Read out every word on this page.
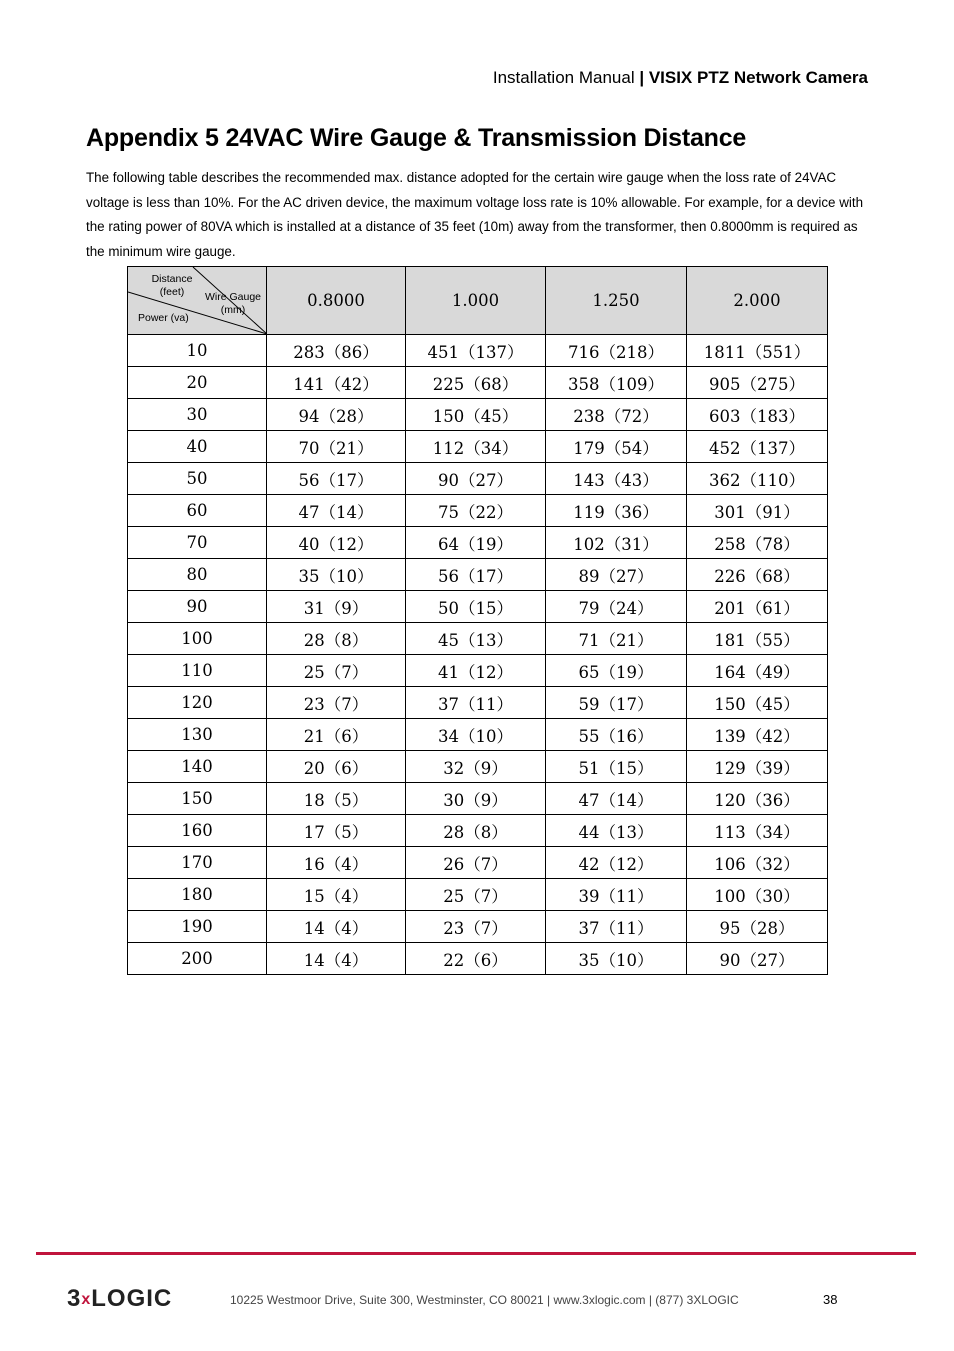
Installation Manual | VISIX PTZ Network Camera
Appendix 5 24VAC Wire Gauge & Transmission Distance

The following table describes the recommended max. distance adopted for the certain wire gauge when the loss rate of 24VAC voltage is less than 10%. For the AC driven device, the maximum voltage loss rate is 10% allowable. For example, for a device with the rating power of 80VA which is installed at a distance of 35 feet (10m) away from the transformer, then 0.8000mm is required as the minimum wire gauge.

Distance
(feet) Wire Gauge
(mm)
Power (va)	0.8000	1.000	1.250	2.000
10	283（86）	451（137）	716（218）	1811（551）
20	141（42）	225（68）	358（109）	905（275）
30	94（28）	150（45）	238（72）	603（183）
40	70（21）	112（34）	179（54）	452（137）
50	56（17）	90（27）	143（43）	362（110）
60	47（14）	75（22）	119（36）	301（91）
70	40（12）	64（19）	102（31）	258（78）
80	35（10）	56（17）	89（27）	226（68）
90	31（9）	50（15）	79（24）	201（61）
100	28（8）	45（13）	71（21）	181（55）
110	25（7）	41（12）	65（19）	164（49）
120	23（7）	37（11）	59（17）	150（45）
130	21（6）	34（10）	55（16）	139（42）
140	20（6）	32（9）	51（15）	129（39）
150	18（5）	30（9）	47（14）	120（36）
160	17（5）	28（8）	44（13）	113（34）
170	16（4）	26（7）	42（12）	106（32）
180	15（4）	25（7）	39（11）	100（30）
190	14（4）	23（7）	37（11）	95（28）
200	14（4）	22（6）	35（10）	90（27）
3xLOGIC	10225 Westmoor Drive, Suite 300, Westminster, CO 80021 | www.3xlogic.com | (877) 3XLOGIC	38
